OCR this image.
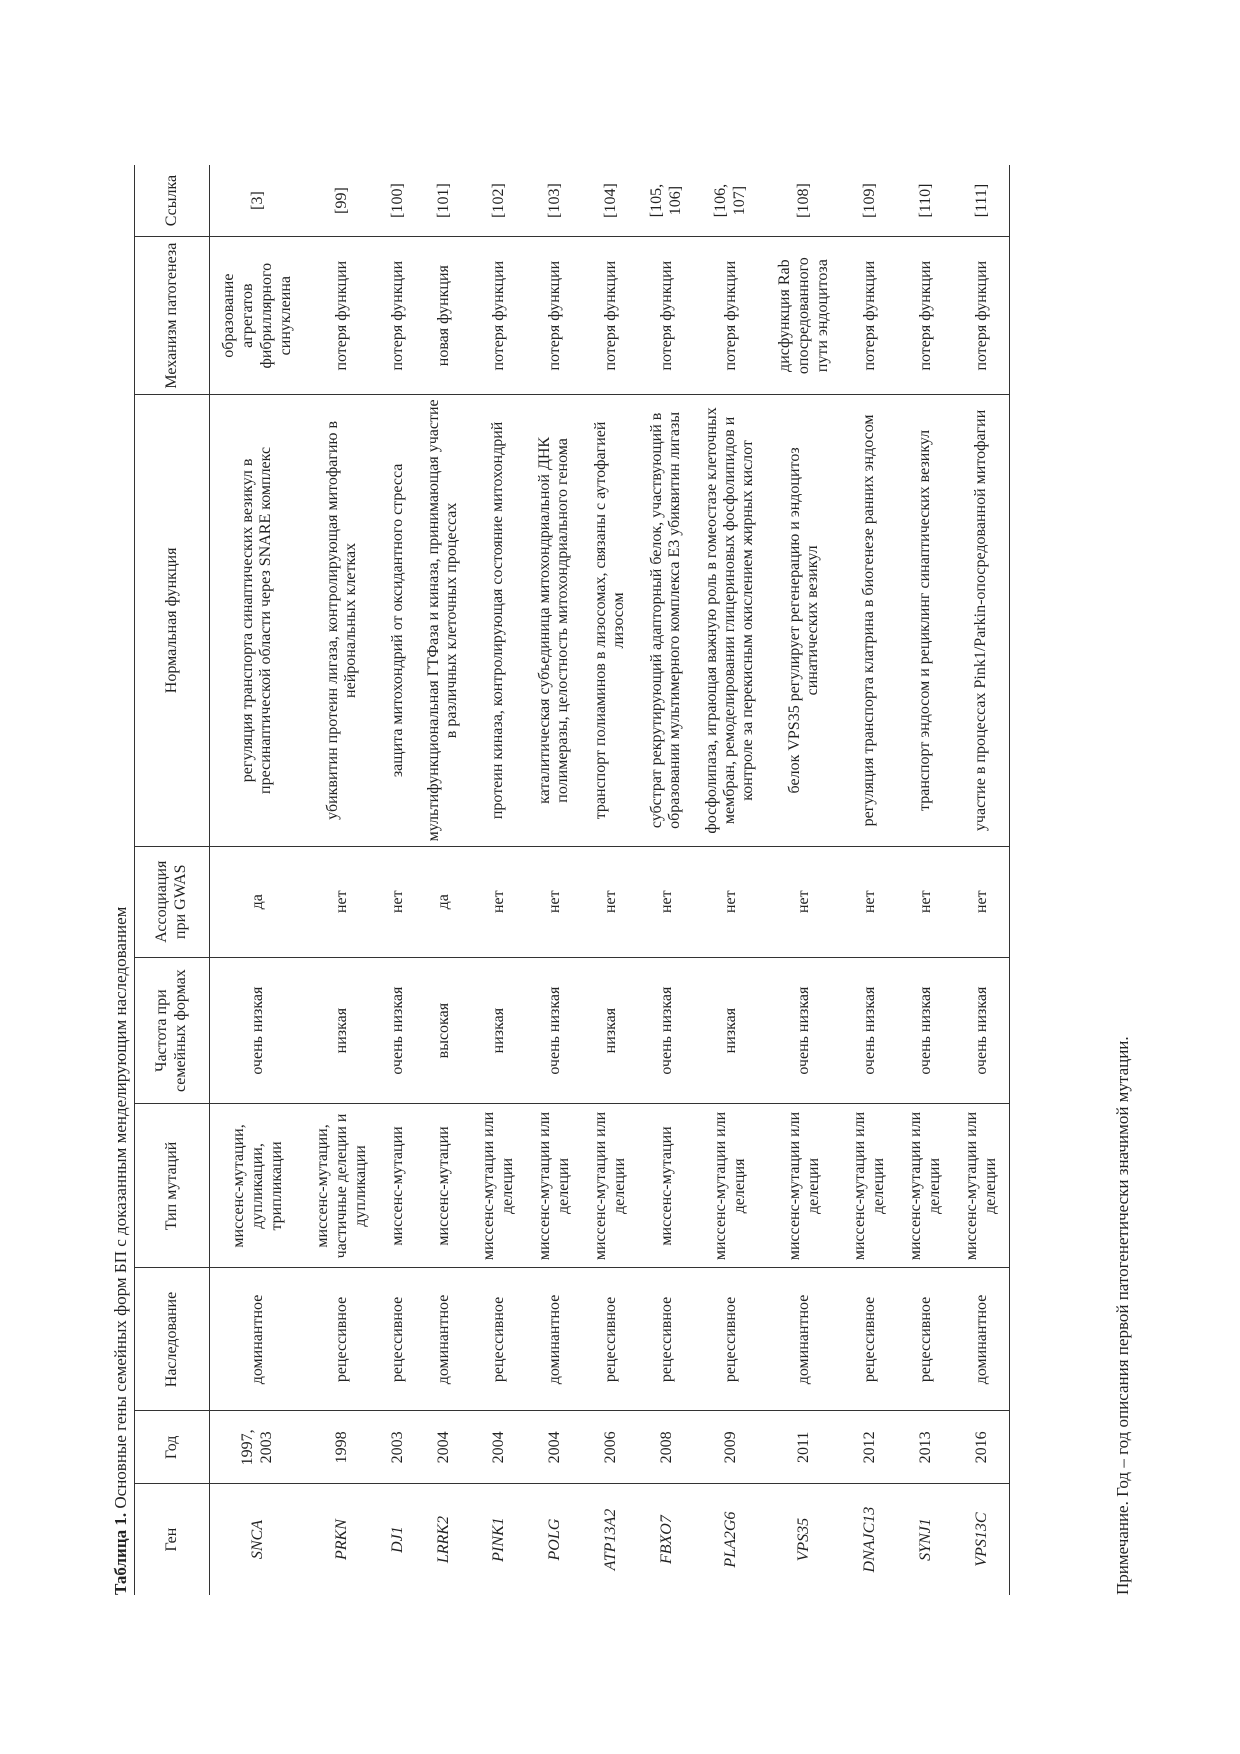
Таблица 1. Основные гены семейных форм БП с доказанным менделирующим наследованием
Ген	Год	Наследование	Тип мутаций	Частота при семейных формах	Ассоциация при GWAS	Нормальная функция	Механизм патогенеза	Ссылка
SNCA	1997, 2003	доминантное	миссенс-мутации, дупликации, трипликации	очень низкая	да	регуляция транспорта синаптических везикул в пресинаптической области через SNARE комплекс	образование агрегатов фибриллярного синуклеина	[3]
PRKN	1998	рецессивное	миссенс-мутации, частичные делеции и дупликации	низкая	нет	убиквитин протеин лигаза, контролирующая митофагию в нейрональных клетках	потеря функции	[99]
DJ1	2003	рецессивное	миссенс-мутации	очень низкая	нет	защита митохондрий от оксидантного стресса	потеря функции	[100]
LRRK2	2004	доминантное	миссенс-мутации	высокая	да	мультифункциональная ГТФаза и киназа, принимающая участие в различных клеточных процессах	новая функция	[101]
PINK1	2004	рецессивное	миссенс-мутации или делеции	низкая	нет	протеин киназа, контролирующая состояние митохондрий	потеря функции	[102]
POLG	2004	доминантное	миссенс-мутации или делеции	очень низкая	нет	каталитическая субъединица митохондриальной ДНК полимеразы, целостность митохондриального генома	потеря функции	[103]
ATP13A2	2006	рецессивное	миссенс-мутации или делеции	низкая	нет	транспорт полиаминов в лизосомах, связаны с аутофагией лизосом	потеря функции	[104]
FBXO7	2008	рецессивное	миссенс-мутации	очень низкая	нет	субстрат рекрутирующий адапторный белок, участвующий в образовании мультимерного комплекса Е3 убиквитин лигазы	потеря функции	[105, 106]
PLA2G6	2009	рецессивное	миссенс-мутации или делеция	низкая	нет	фосфолипаза, играющая важную роль в гомеостазе клеточных мембран, ремоделировании глицериновых фосфолипидов и контроле за перекисным окислением жирных кислот	потеря функции	[106, 107]
VPS35	2011	доминантное	миссенс-мутации или делеции	очень низкая	нет	белок VPS35 регулирует регенерацию и эндоцитоз синатических везикул	дисфункция Rab опосредованного пути эндоцитоза	[108]
DNAJC13	2012	рецессивное	миссенс-мутации или делеции	очень низкая	нет	регуляция транспорта клатрина в биогенезе ранних эндосом	потеря функции	[109]
SYNJ1	2013	рецессивное	миссенс-мутации или делеции	очень низкая	нет	транспорт эндосом и рециклинг синаптических везикул	потеря функции	[110]
VPS13C	2016	доминантное	миссенс-мутации или делеции	очень низкая	нет	участие в процессах Pink1/Parkin-опосредованной митофагии	потеря функции	[111]
Примечание. Год – год описания первой патогенетически значимой мутации.
